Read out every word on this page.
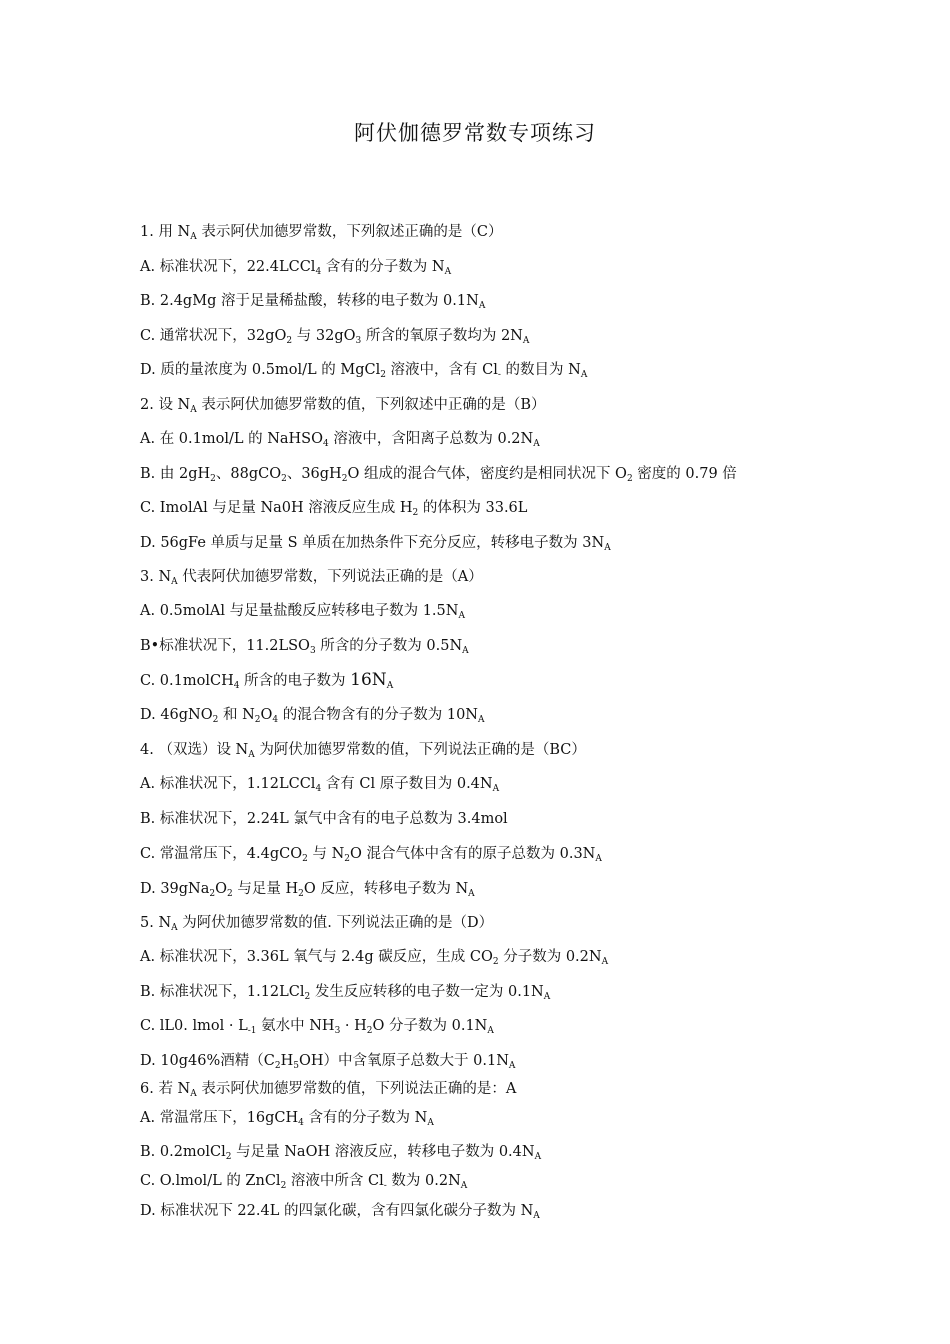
阿伏伽德罗常数专项练习
1. 用 $N_A$ 表示阿伏加德罗常数，下列叙述正确的是（C）
A. 标准状况下，22.4LCCl$_4$ 含有的分子数为 $N_A$
B. 2.4gMg 溶于足量稀盐酸，转移的电子数为 $0.1N_A$
C. 通常状况下，$32gO_2$ 与 $32gO_3$ 所含的氧原子数均为 $2N_A$
D. 质的量浓度为 0.5mol/L 的 MgCl$_2$ 溶液中，含有 $Cl_-$ 的数目为 $N_A$
2. 设 $N_A$ 表示阿伏加德罗常数的值，下列叙述中正确的是（B）
A. 在 0.1mol/L 的 NaHSO$_4$ 溶液中，含阳离子总数为 $0.2N_A$
B. 由 $2gH_2$、88gCO$_2$、$36gH_2O$ 组成的混合气体，密度约是相同状况下 $O_2$ 密度的 0.79 倍
C. ImolAl 与足量 Na0H 溶液反应生成 $H_2$ 的体积为 33.6L
D. 56gFe 单质与足量 S 单质在加热条件下充分反应，转移电子数为 $3N_A$
3. $N_A$ 代表阿伏加德罗常数，下列说法正确的是（A）
A. 0.5molAl 与足量盐酸反应转移电子数为 $1.5N_A$
B•标准状况下，$11.2LSO_3$ 所含的分子数为 $0.5N_A$
C. 0.1molCH$_4$ 所含的电子数为 $16N_A$
D. 46gNO$_2$ 和 $N_2O_4$ 的混合物含有的分子数为 $10N_A$
4. （双选）设 $N_A$ 为阿伏加德罗常数的值，下列说法正确的是（BC）
A. 标准状况下，1.12LCCl$_4$ 含有 Cl 原子数目为 $0.4N_A$
B. 标准状况下，2.24L 氯气中含有的电子总数为 3.4mol
C. 常温常压下，4.4gCO$_2$ 与 $N_2O$ 混合气体中含有的原子总数为 $0.3N_A$
D. $39gNa_2O_2$ 与足量 $H_2O$ 反应，转移电子数为 $N_A$
5. $N_A$ 为阿伏加德罗常数的值. 下列说法正确的是（D）
A. 标准状况下，3.36L 氧气与 2.4g 碳反应，生成 $CO_2$ 分子数为 $0.2N_A$
B. 标准状况下，1.12LCl$_2$ 发生反应转移的电子数一定为 $0.1N_A$
C. lL0. lmol · $L_{-1}$ 氨水中 $NH_3 \cdot H_2O$ 分子数为 $0.1N_A$
D. 10g46%酒精$(C_2H_5OH)$中含氧原子总数大于 $0.1N_A$
6. 若 $N_A$ 表示阿伏加德罗常数的值，下列说法正确的是：A
A. 常温常压下，16gCH$_4$ 含有的分子数为 $N_A$
B. 0.2molCl$_2$ 与足量 NaOH 溶液反应，转移电子数为 $0.4N_A$
C. O.lmol/L 的 ZnCl$_2$ 溶液中所含 $Cl_-$ 数为 $0.2N_A$
D. 标准状况下 22.4L 的四氯化碳，含有四氯化碳分子数为 $N_A$
